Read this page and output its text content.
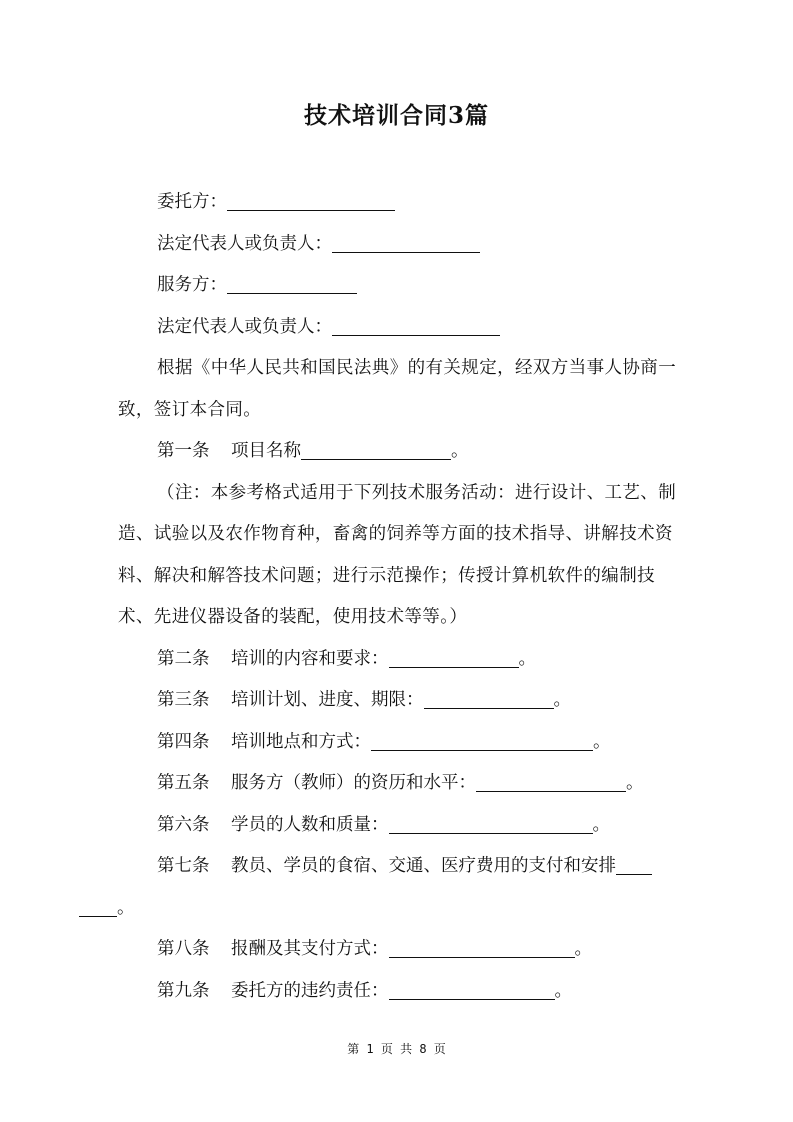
技术培训合同3篇

委托方：

法定代表人或负责人：

服务方：

法定代表人或负责人：

根据《中华人民共和国民法典》的有关规定，经双方当事人协商一致，签订本合同。

第一条 项目名称	。

（注：本参考格式适用于下列技术服务活动：进行设计、工艺、制造、试验以及农作物育种，畜禽的饲养等方面的技术指导、讲解技术资料、解决和解答技术问题；进行示范操作；传授计算机软件的编制技术、先进仪器设备的装配，使用技术等等。）

第二条 培训的内容和要求：	。

第三条 培训计划、进度、期限：	。

第四条 培训地点和方式：	。

第五条 服务方（教师）的资历和水平：	。

第六条 学员的人数和质量：	。

第七条 教员、学员的食宿、交通、医疗费用的支付和安排
。

第八条 报酬及其支付方式：	。

第九条 委托方的违约责任：	。

第 1 页 共 8 页
